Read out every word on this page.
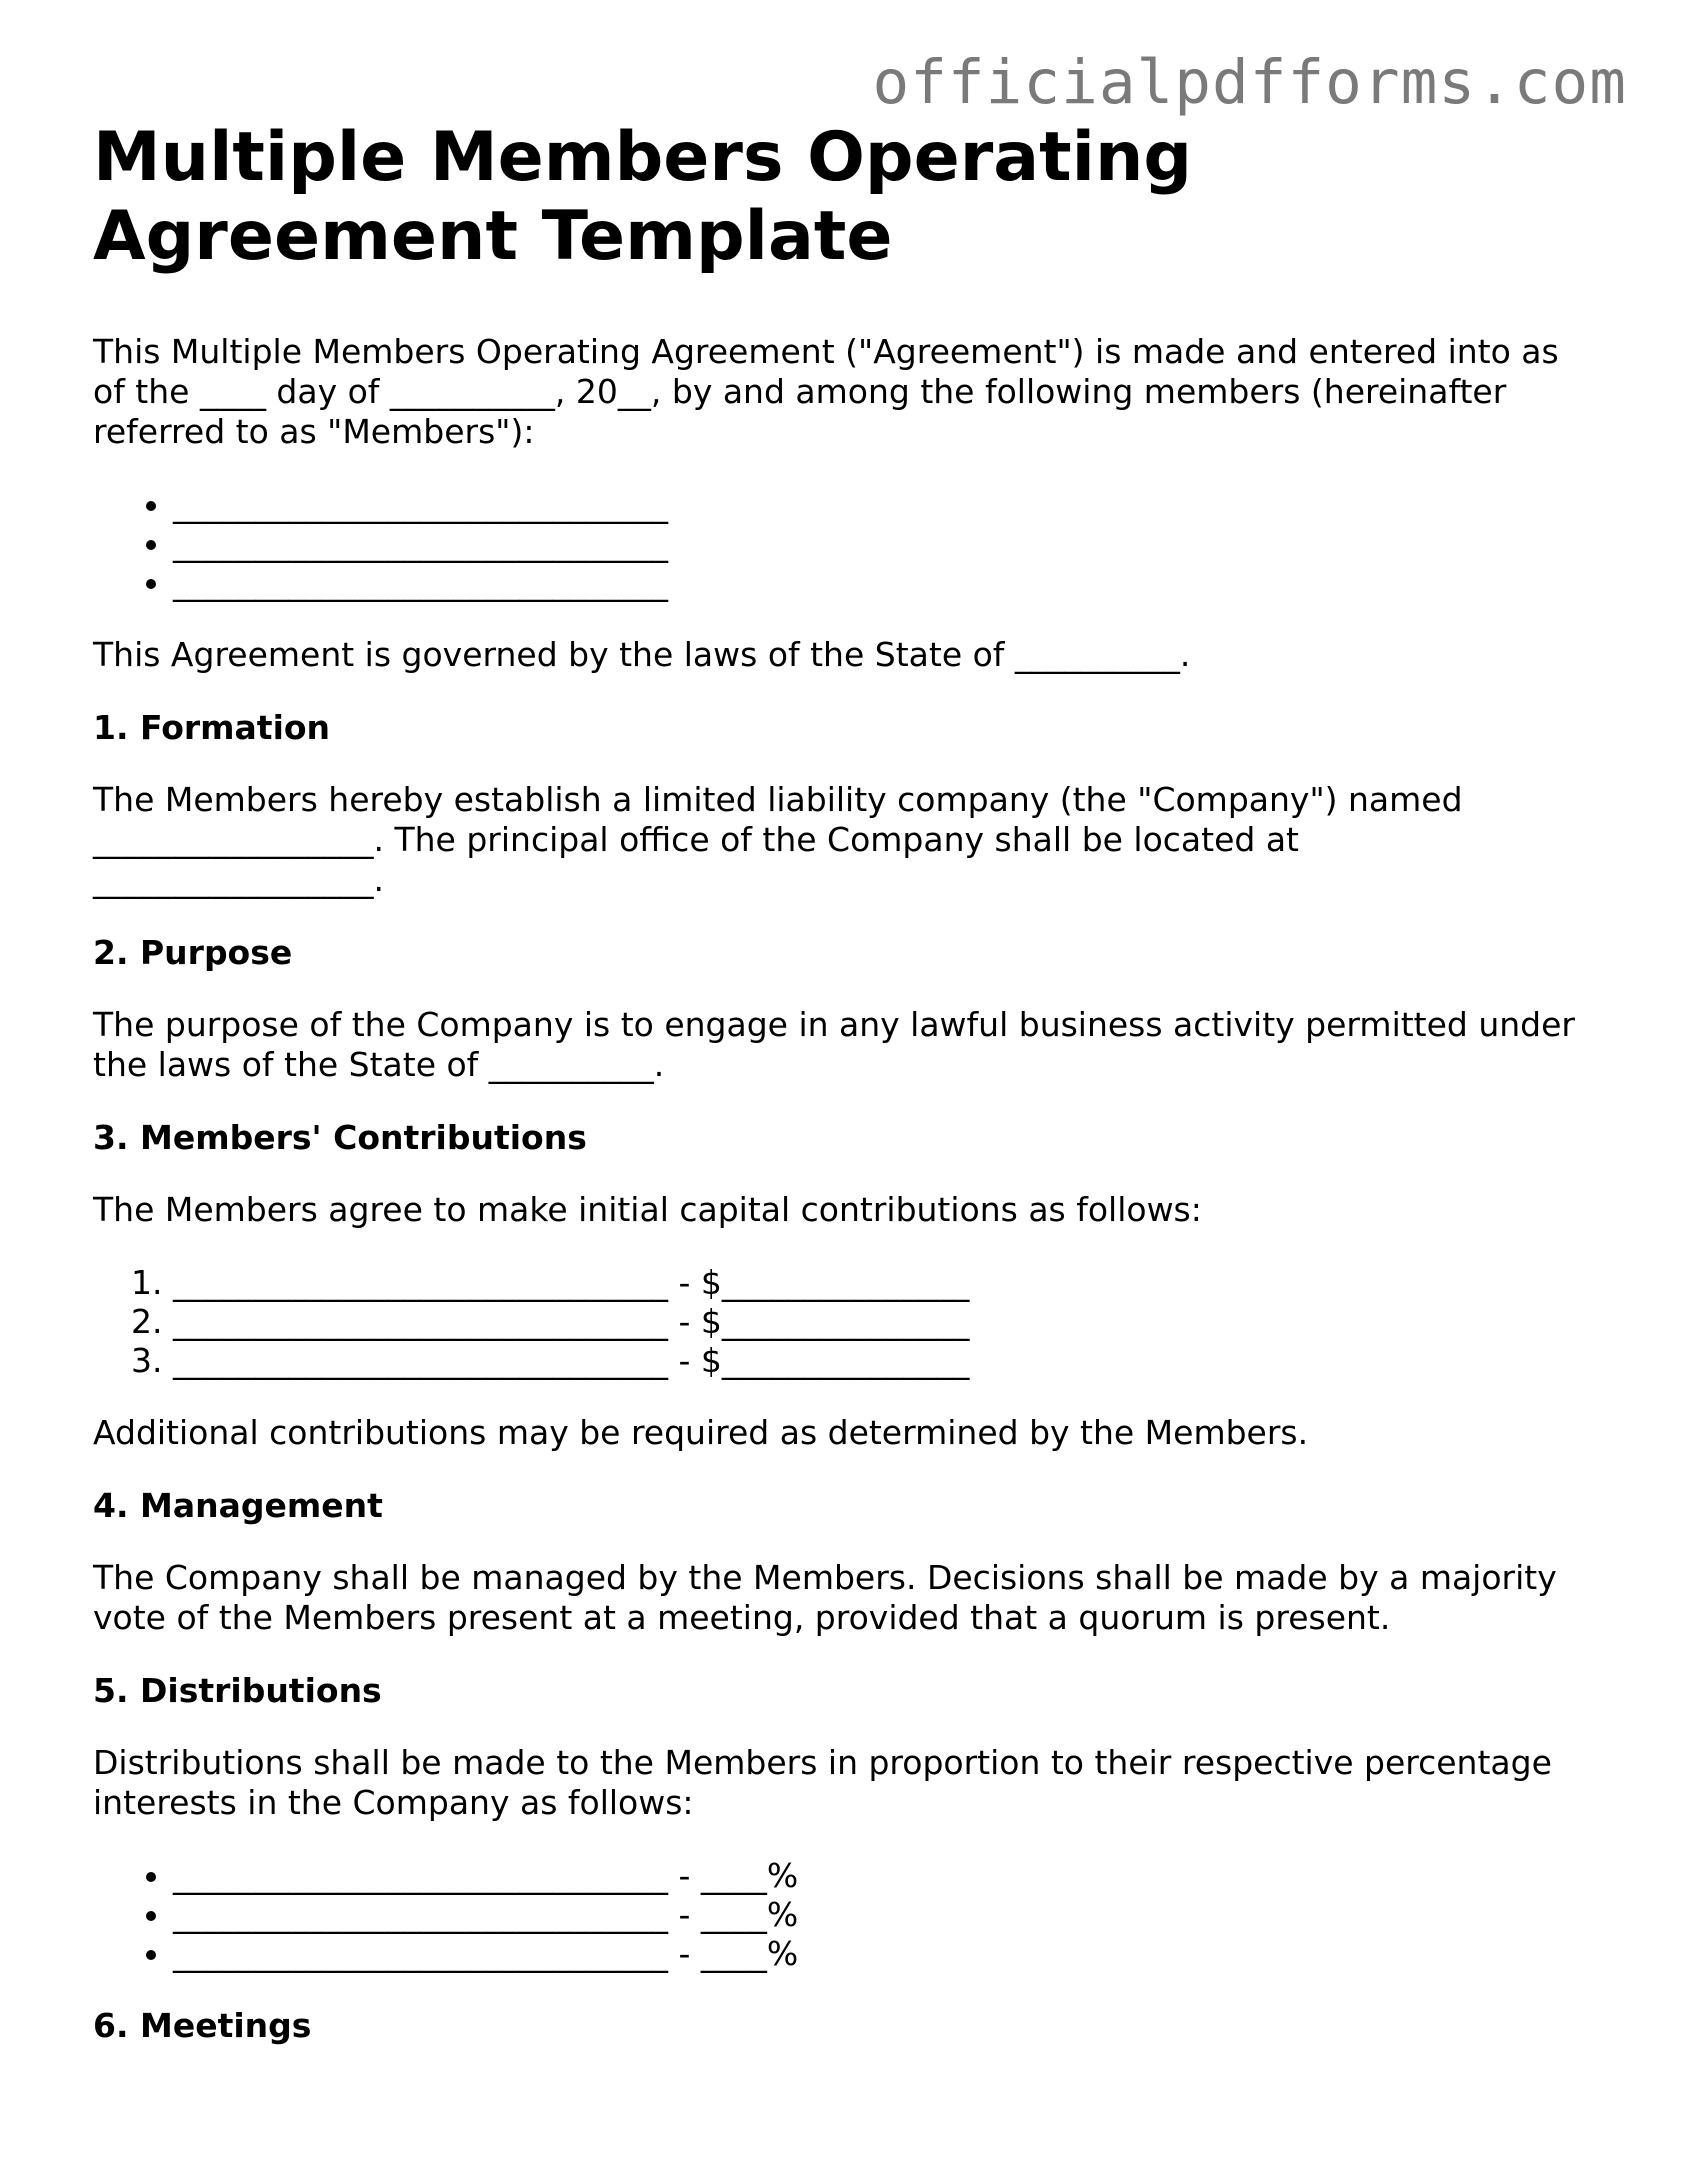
officialpdfforms.com
Multiple Members Operating Agreement Template

This Multiple Members Operating Agreement ("Agreement") is made and entered into as of the ____ day of __________, 20__, by and among the following members (hereinafter referred to as "Members"):

• ______________________________
• ______________________________
• ______________________________

This Agreement is governed by the laws of the State of __________.

1. Formation

The Members hereby establish a limited liability company (the "Company") named _________________. The principal office of the Company shall be located at _________________.

2. Purpose

The purpose of the Company is to engage in any lawful business activity permitted under the laws of the State of __________.

3. Members' Contributions

The Members agree to make initial capital contributions as follows:

1. ______________________________ - $_______________
2. ______________________________ - $_______________
3. ______________________________ - $_______________

Additional contributions may be required as determined by the Members.

4. Management

The Company shall be managed by the Members. Decisions shall be made by a majority vote of the Members present at a meeting, provided that a quorum is present.

5. Distributions

Distributions shall be made to the Members in proportion to their respective percentage interests in the Company as follows:

• ______________________________ - ____%
• ______________________________ - ____%
• ______________________________ - ____%
6. Meetings
